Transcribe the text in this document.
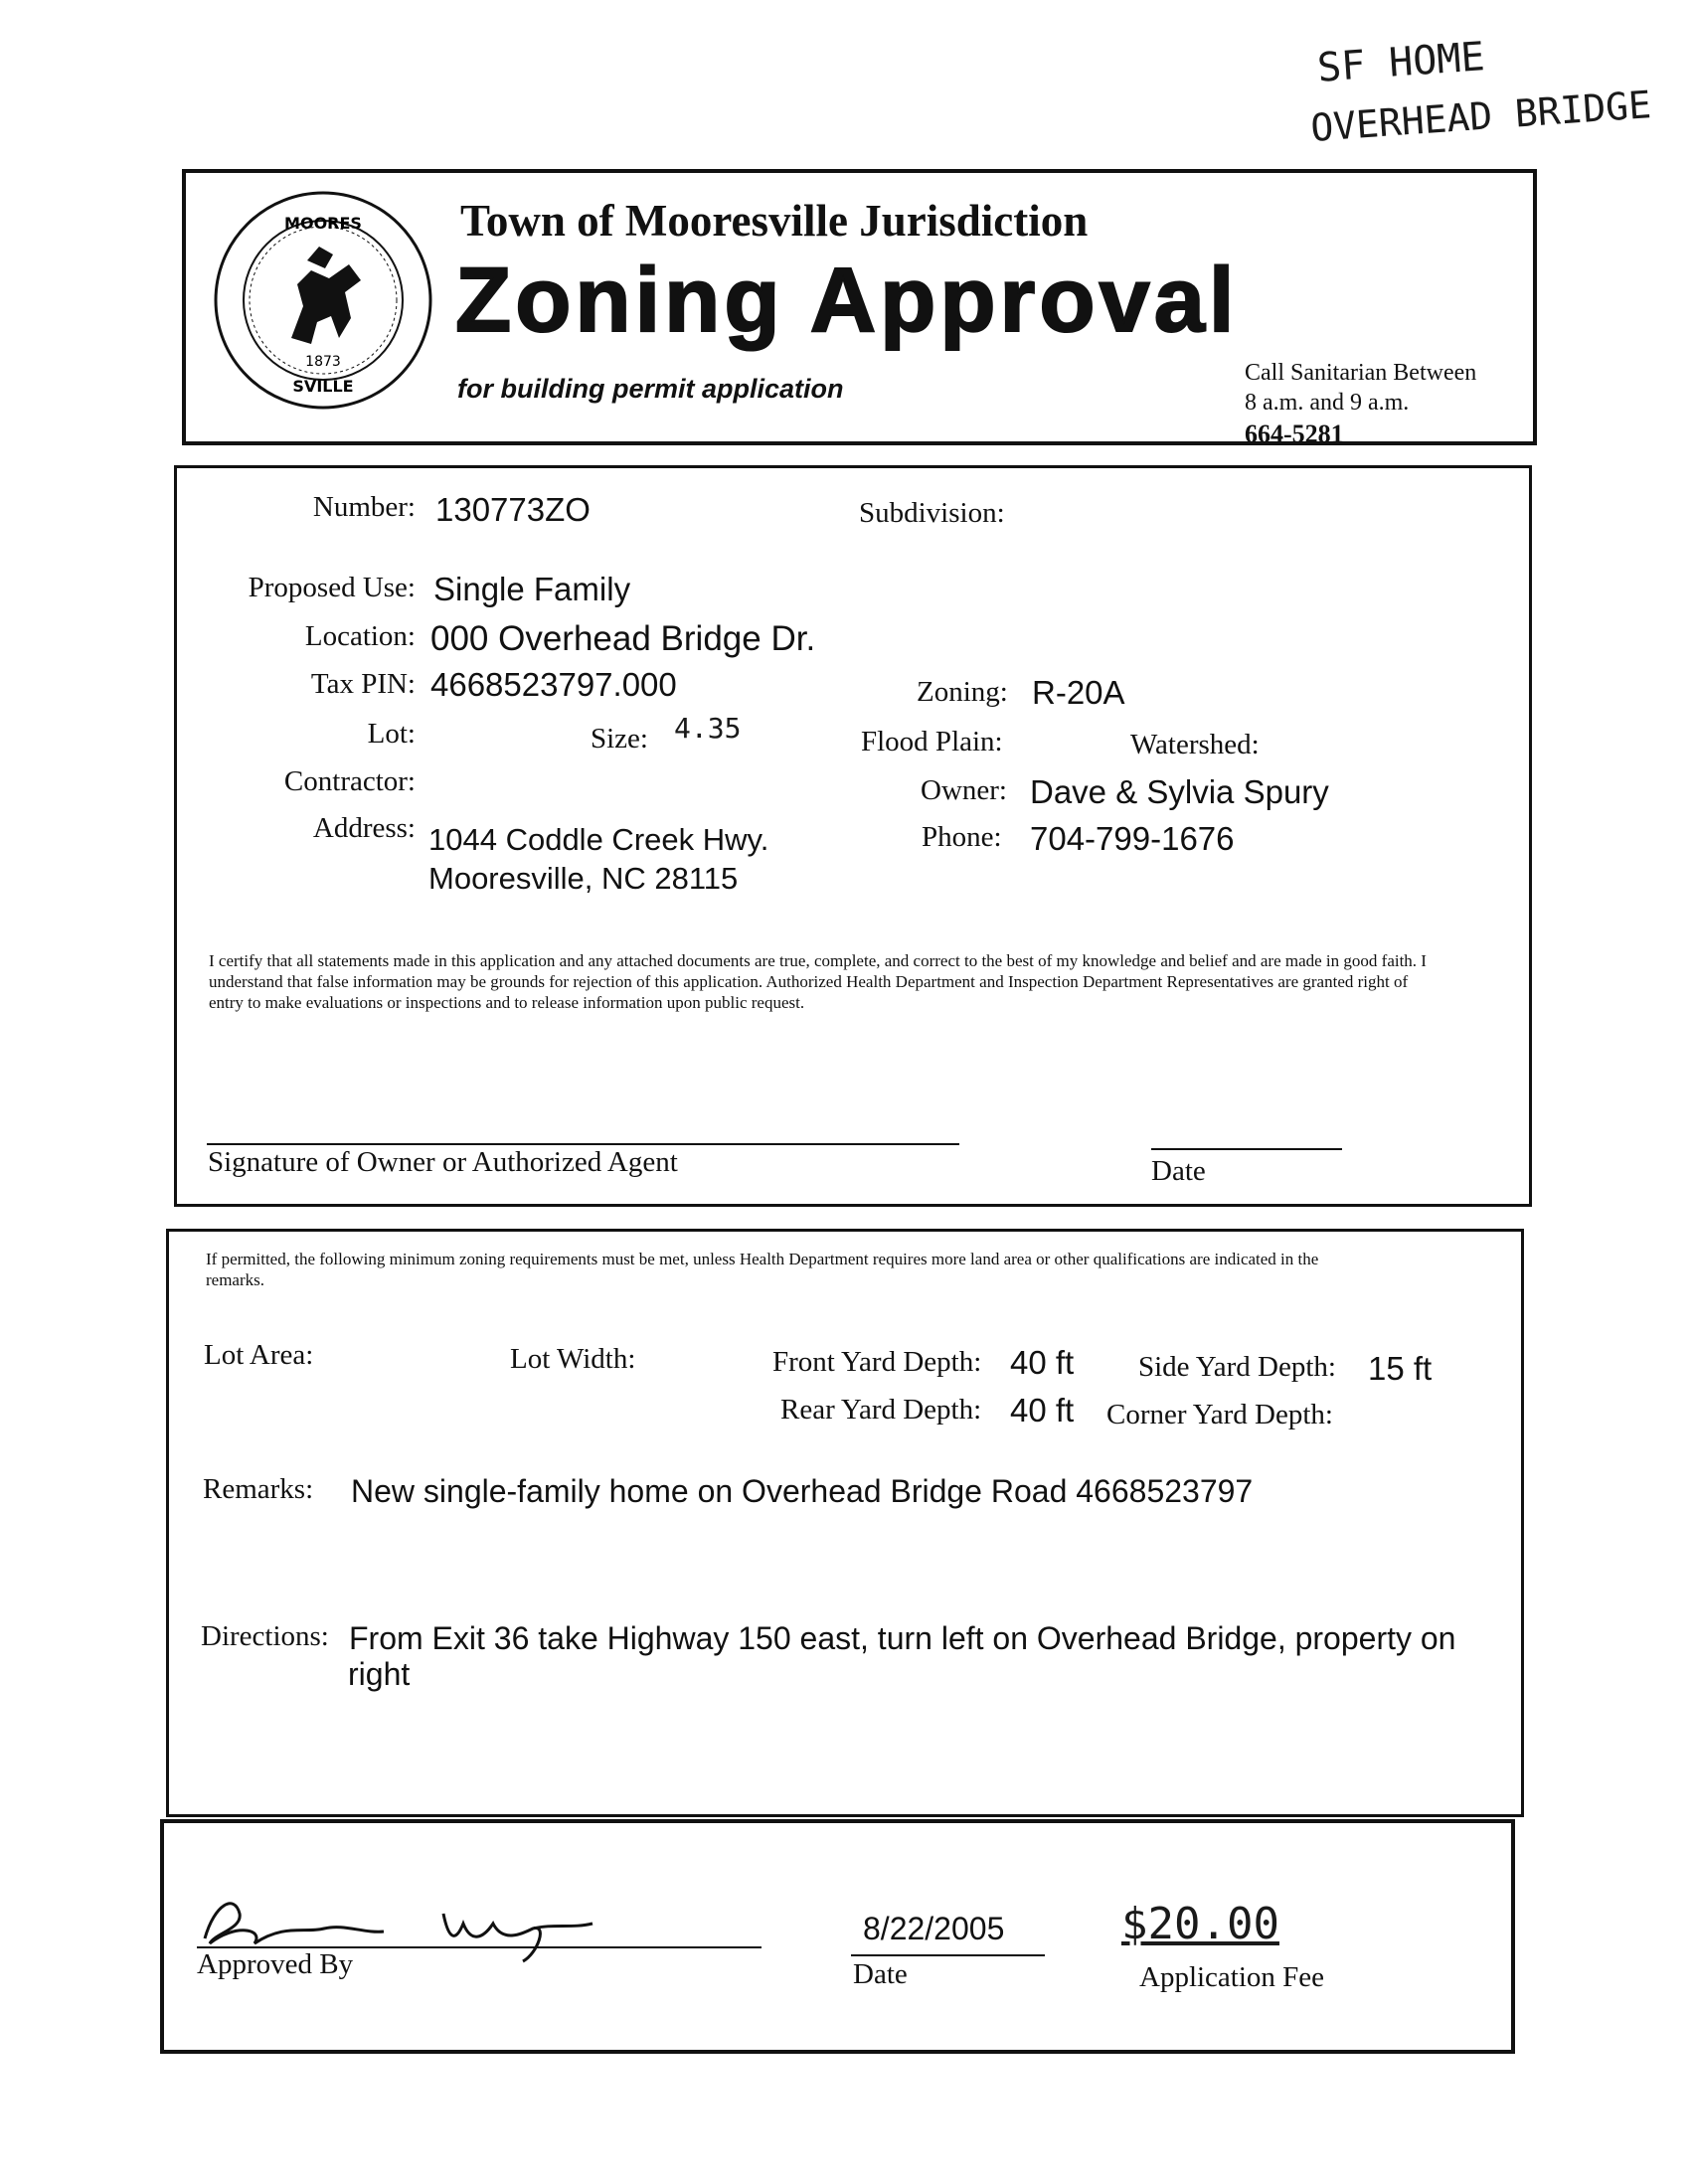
SF HOME
OVERHEAD BRIDGE
MOORES
SVILLE
1873
Town of Mooresville Jurisdiction
Zoning Approval
for building permit application
Call Sanitarian Between
8 a.m. and 9 a.m.
664-5281
Number: 130773ZO	Subdivision:
Proposed Use: Single Family
Location: 000 Overhead Bridge Dr.
Tax PIN: 4668523797.000	Zoning: R-20A
Lot:	Size: 4.35	Flood Plain:	Watershed:
Contractor:	Owner: Dave & Sylvia Spury
Address: 1044 Coddle Creek Hwy.
Mooresville, NC 28115
Phone: 704-799-1676
I certify that all statements made in this application and any attached documents are true, complete, and correct to the best of my knowledge and belief and are made in good faith. I understand that false information may be grounds for rejection of this application. Authorized Health Department and Inspection Department Representatives are granted right of entry to make evaluations or inspections and to release information upon public request.
Signature of Owner or Authorized Agent	Date
If permitted, the following minimum zoning requirements must be met, unless Health Department requires more land area or other qualifications are indicated in the remarks.
Lot Area:	Lot Width:	Front Yard Depth: 40 ft Side Yard Depth: 15 ft
Rear Yard Depth: 40 ft Corner Yard Depth:
Remarks: New single-family home on Overhead Bridge Road 4668523797
Directions: From Exit 36 take Highway 150 east, turn left on Overhead Bridge, property on
right
Approved By
8/22/2005
Date
$20.00
Application Fee
